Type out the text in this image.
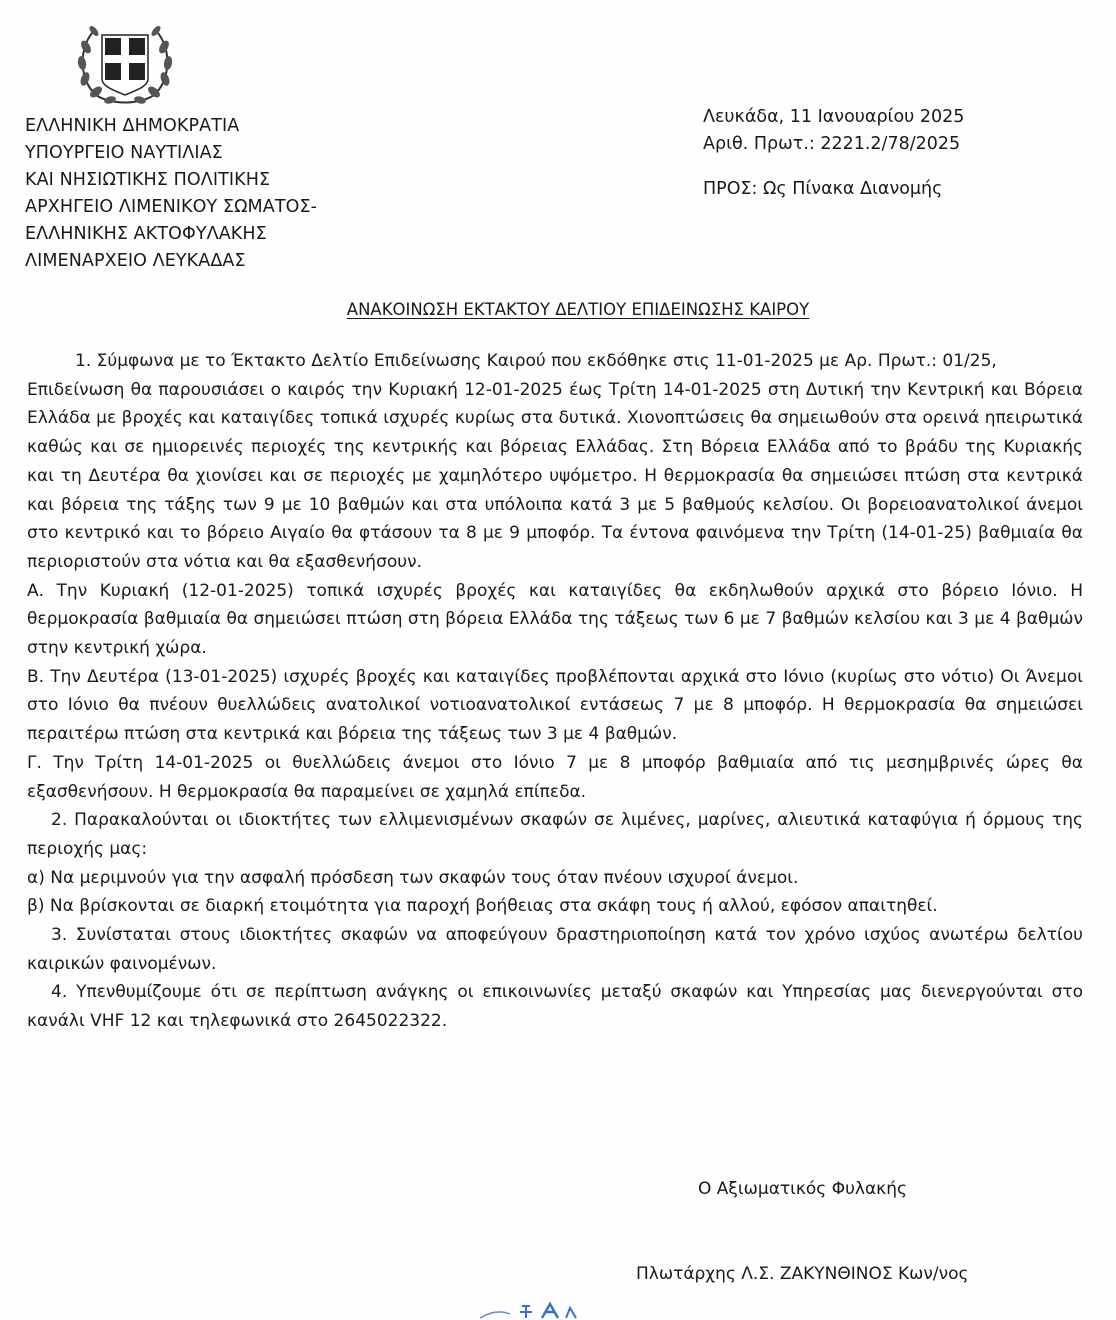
ΕΛΛΗΝΙΚΗ ΔΗΜΟΚΡΑΤΙΑ
ΥΠΟΥΡΓΕΙΟ ΝΑΥΤΙΛΙΑΣ
ΚΑΙ ΝΗΣΙΩΤΙΚΗΣ ΠΟΛΙΤΙΚΗΣ
ΑΡΧΗΓΕΙΟ ΛΙΜΕΝΙΚΟΥ ΣΩΜΑΤΟΣ-
ΕΛΛΗΝΙΚΗΣ ΑΚΤΟΦΥΛΑΚΗΣ
ΛΙΜΕΝΑΡΧΕΙΟ ΛΕΥΚΑΔΑΣ
Λευκάδα, 11 Ιανουαρίου 2025
Αριθ. Πρωτ.: 2221.2/78/2025
ΠΡΟΣ: Ως Πίνακα Διανομής
ΑΝΑΚΟΙΝΩΣΗ ΕΚΤΑΚΤΟΥ ΔΕΛΤΙΟΥ ΕΠΙΔΕΙΝΩΣΗΣ ΚΑΙΡΟΥ

1. Σύμφωνα με το Έκτακτο Δελτίο Επιδείνωσης Καιρού που εκδόθηκε στις 11-01-2025 με Αρ. Πρωτ.: 01/25,
Επιδείνωση θα παρουσιάσει ο καιρός την Κυριακή 12-01-2025 έως Τρίτη 14-01-2025 στη Δυτική την Κεντρική και Βόρεια Ελλάδα με βροχές και καταιγίδες τοπικά ισχυρές κυρίως στα δυτικά. Χιονοπτώσεις θα σημειωθούν στα ορεινά ηπειρωτικά καθώς και σε ημιορεινές περιοχές της κεντρικής και βόρειας Ελλάδας. Στη Βόρεια Ελλάδα από το βράδυ της Κυριακής και τη Δευτέρα θα χιονίσει και σε περιοχές με χαμηλότερο υψόμετρο. Η θερμοκρασία θα σημειώσει πτώση στα κεντρικά και βόρεια της τάξης των 9 με 10 βαθμών και στα υπόλοιπα κατά 3 με 5 βαθμούς κελσίου. Οι βορειοανατολικοί άνεμοι στο κεντρικό και το βόρειο Αιγαίο θα φτάσουν τα 8 με 9 μποφόρ. Τα έντονα φαινόμενα την Τρίτη (14-01-25) βαθμιαία θα περιοριστούν στα νότια και θα εξασθενήσουν.

Α. Την Κυριακή (12-01-2025) τοπικά ισχυρές βροχές και καταιγίδες θα εκδηλωθούν αρχικά στο βόρειο Ιόνιο. Η θερμοκρασία βαθμιαία θα σημειώσει πτώση στη βόρεια Ελλάδα της τάξεως των 6 με 7 βαθμών κελσίου και 3 με 4 βαθμών στην κεντρική χώρα.

Β. Την Δευτέρα (13-01-2025) ισχυρές βροχές και καταιγίδες προβλέπονται αρχικά στο Ιόνιο (κυρίως στο νότιο) Οι Άνεμοι στο Ιόνιο θα πνέουν θυελλώδεις ανατολικοί νοτιοανατολικοί εντάσεως 7 με 8 μποφόρ. Η θερμοκρασία θα σημειώσει περαιτέρω πτώση στα κεντρικά και βόρεια της τάξεως των 3 με 4 βαθμών.

Γ. Την Τρίτη 14-01-2025 οι θυελλώδεις άνεμοι στο Ιόνιο 7 με 8 μποφόρ βαθμιαία από τις μεσημβρινές ώρες θα εξασθενήσουν. Η θερμοκρασία θα παραμείνει σε χαμηλά επίπεδα.

2. Παρακαλούνται οι ιδιοκτήτες των ελλιμενισμένων σκαφών σε λιμένες, μαρίνες, αλιευτικά καταφύγια ή όρμους της περιοχής μας:

α) Να μεριμνούν για την ασφαλή πρόσδεση των σκαφών τους όταν πνέουν ισχυροί άνεμοι.

β) Να βρίσκονται σε διαρκή ετοιμότητα για παροχή βοήθειας στα σκάφη τους ή αλλού, εφόσον απαιτηθεί.

3. Συνίσταται στους ιδιοκτήτες σκαφών να αποφεύγουν δραστηριοποίηση κατά τον χρόνο ισχύος ανωτέρω δελτίου καιρικών φαινομένων.

4. Υπενθυμίζουμε ότι σε περίπτωση ανάγκης οι επικοινωνίες μεταξύ σκαφών και Υπηρεσίας μας διενεργούνται στο κανάλι VHF 12 και τηλεφωνικά στο 2645022322.

Ο Αξιωματικός Φυλακής
Πλωτάρχης Λ.Σ. ΖΑΚΥΝΘΙΝΟΣ Κων/νος
